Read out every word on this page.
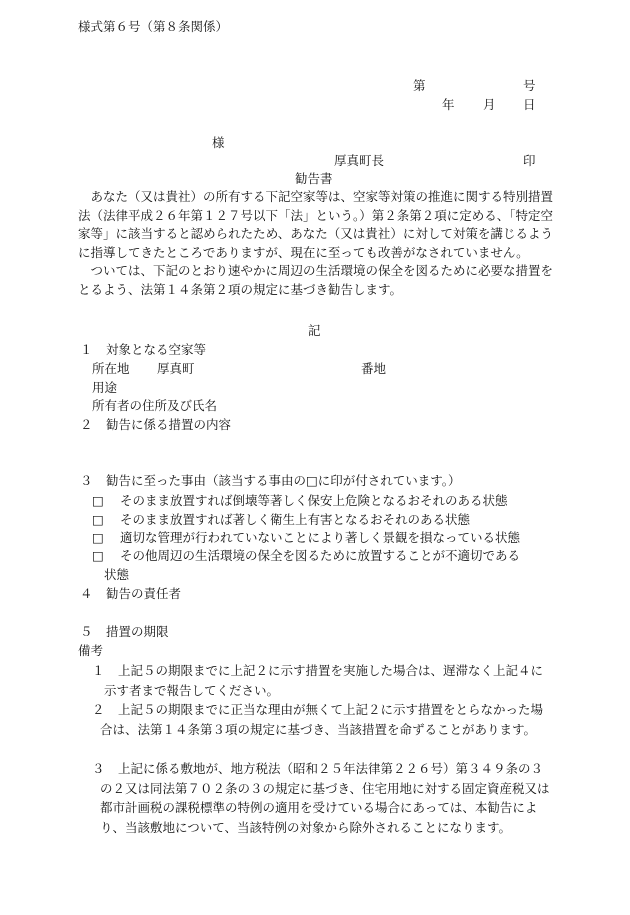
様式第６号（第８条関係）
第	号
年 月 日
様
厚真町長	印
勧告書

あなた（又は貴社）の所有する下記空家等は、空家等対策の推進に関する特別措置法（法律平成２６年第１２７号以下「法」という。）第２条第２項に定める、「特定空家等」に該当すると認められたため、あなた（又は貴社）に対して対策を講じるように指導してきたところでありますが、現在に至っても改善がなされていません。

ついては、下記のとおり速やかに周辺の生活環境の保全を図るために必要な措置をとるよう、法第１４条第２項の規定に基づき勧告します。

記
１ 対象となる空家等
所在地 厚真町	番地
用途
所有者の住所及び氏名
２ 勧告に係る措置の内容
３ 勧告に至った事由（該当する事由の□に印が付されています。）
□ そのまま放置すれば倒壊等著しく保安上危険となるおそれのある状態
□ そのまま放置すれば著しく衛生上有害となるおそれのある状態
□ 適切な管理が行われていないことにより著しく景観を損なっている状態
□ その他周辺の生活環境の保全を図るために放置することが不適切である
状態
４ 勧告の責任者
５ 措置の期限
備考
１	上記５の期限までに上記２に示す措置を実施した場合は、遅滞なく上記４に示す者まで報告してください。
２	上記５の期限までに正当な理由が無くて上記２に示す措置をとらなかった場合は、法第１４条第３項の規定に基づき、当該措置を命ずることがあります。
３	上記に係る敷地が、地方税法（昭和２５年法律第２２６号）第３４９条の３の２又は同法第７０２条の３の規定に基づき、住宅用地に対する固定資産税又は都市計画税の課税標準の特例の適用を受けている場合にあっては、本勧告により、当該敷地について、当該特例の対象から除外されることになります。
